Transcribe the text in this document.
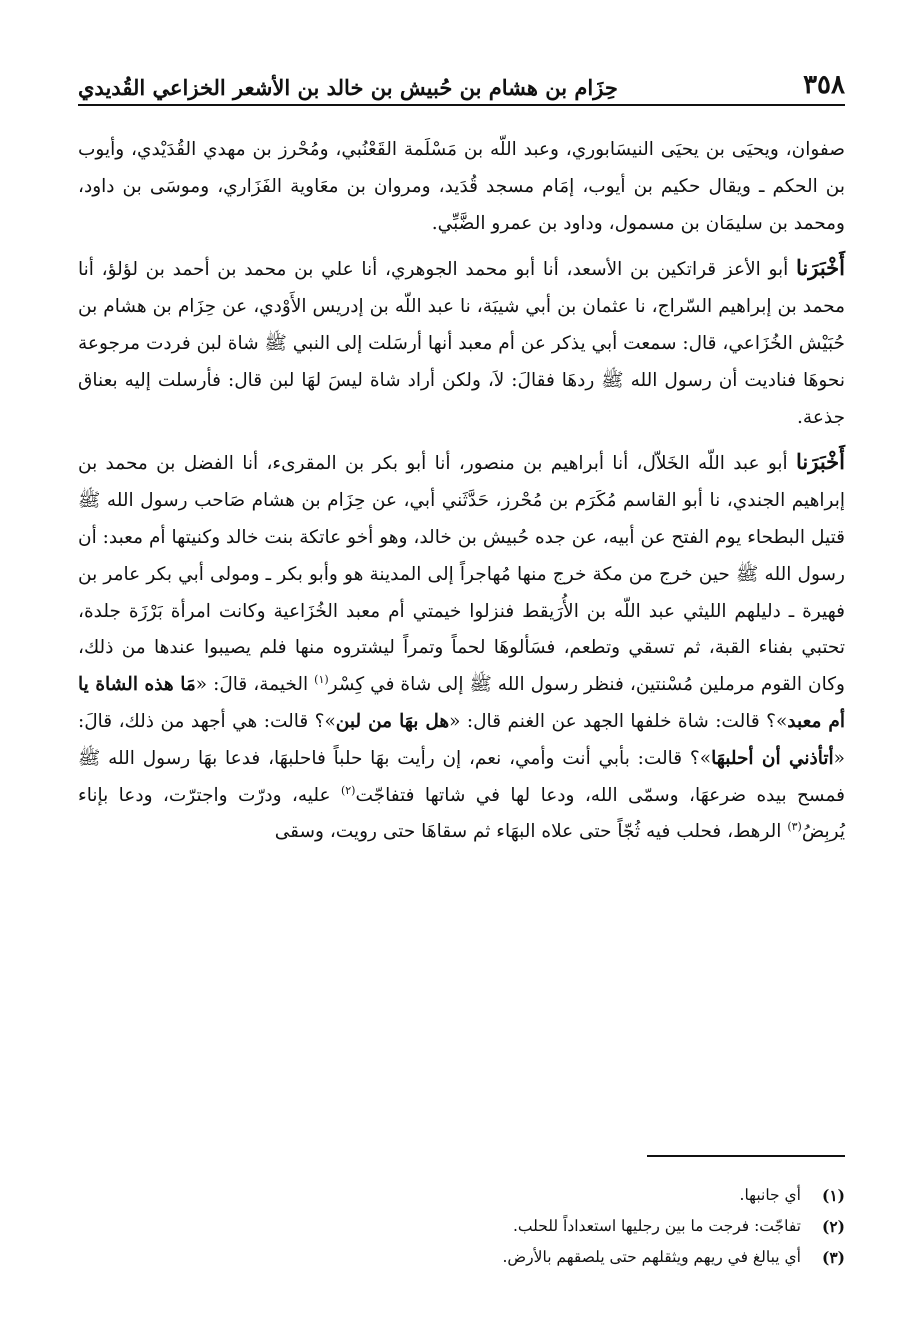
٣٥٨
حِزَام بن هشام بن حُبيش بن خالد بن الأشعر الخزاعي القُديدي

صفوان، ويحيَى بن يحيَى النيسَابوري، وعبد اللّه بن مَسْلَمة القَعْنُبي، ومُحْرز بن مهدي القُدَيْدي، وأيوب بن الحكم ـ ويقال حكيم بن أيوب، إمَام مسجد قُدَيد، ومروان بن معَاوية الفَزَاري، وموسَى بن داود، ومحمد بن سليمَان بن مسمول، وداود بن عمرو الضَّبِّي.

أَخْبَرَنا أبو الأعز قراتكين بن الأسعد، أنا أبو محمد الجوهري، أنا علي بن محمد بن أحمد بن لؤلؤ، أنا محمد بن إبراهيم السّراج، نا عثمان بن أبي شيبَة، نا عبد اللّه بن إدريس الأَوْدي، عن حِزَام بن هشام بن حُبَيْش الخُزَاعي، قال: سمعت أبي يذكر عن أم معبد أنها أرسَلت إلى النبي ﷺ شاة لبن فردت مرجوعة نحوهَا فناديت أن رسول الله ﷺ ردهَا فقالَ: لاَ، ولكن أراد شاة ليسَ لهَا لبن قال: فأرسلت إليه بعناق جذعة.

أَخْبَرَنا أبو عبد اللّه الخَلاّل، أنا أبراهيم بن منصور، أنا أبو بكر بن المقرىء، أنا الفضل بن محمد بن إبراهيم الجندي، نا أبو القاسم مُكَرَم بن مُحْرز، حَدَّثَني أبي، عن حِزَام بن هشام صَاحب رسول الله ﷺ قتيل البطحاء يوم الفتح عن أبيه، عن جده حُبيش بن خالد، وهو أخو عاتكة بنت خالد وكنيتها أم معبد: أن رسول الله ﷺ حين خرج من مكة خرج منها مُهاجراً إلى المدينة هو وأبو بكر ـ ومولى أبي بكر عامر بن فهيرة ـ دليلهم الليثي عبد اللّه بن الأُرَيقط فنزلوا خيمتي أم معبد الخُزَاعية وكانت امرأة بَرْزَة جلدة، تحتبي بفناء القبة، ثم تسقي وتطعم، فسَألوهَا لحماً وتمراً ليشتروه منها فلم يصيبوا عندها من ذلك، وكان القوم مرملين مُسْنتين، فنظر رسول الله ﷺ إلى شاة في كِسْر$^{(١)}$ الخيمة، قالَ: «مَا هذه الشاة يا أم معبد»؟ قالت: شاة خلفها الجهد عن الغنم قال: «هل بهَا من لبن»؟ قالت: هي أجهد من ذلك، قالَ: «أتأذني أن أحلبهَا»؟ قالت: بأبي أنت وأمي، نعم، إن رأيت بهَا حلباً فاحلبهَا، فدعا بهَا رسول الله ﷺ فمسح بيده ضرعهَا، وسمّى الله، ودعا لها في شاتها فتفاجّت$^{(٢)}$ عليه، ودرّت واجترّت، ودعا بإناء يُربِضُ$^{(٣)}$ الرهط، فحلب فيه ثُجّاً حتى علاه البهَاء ثم سقاهَا حتى رويت، وسقى

(١)
أي جانبها.
(٢)
تفاجّت: فرجت ما بين رجليها استعداداً للحلب.
(٣)
أي يبالغ في ريهم ويثقلهم حتى يلصقهم بالأرض.
